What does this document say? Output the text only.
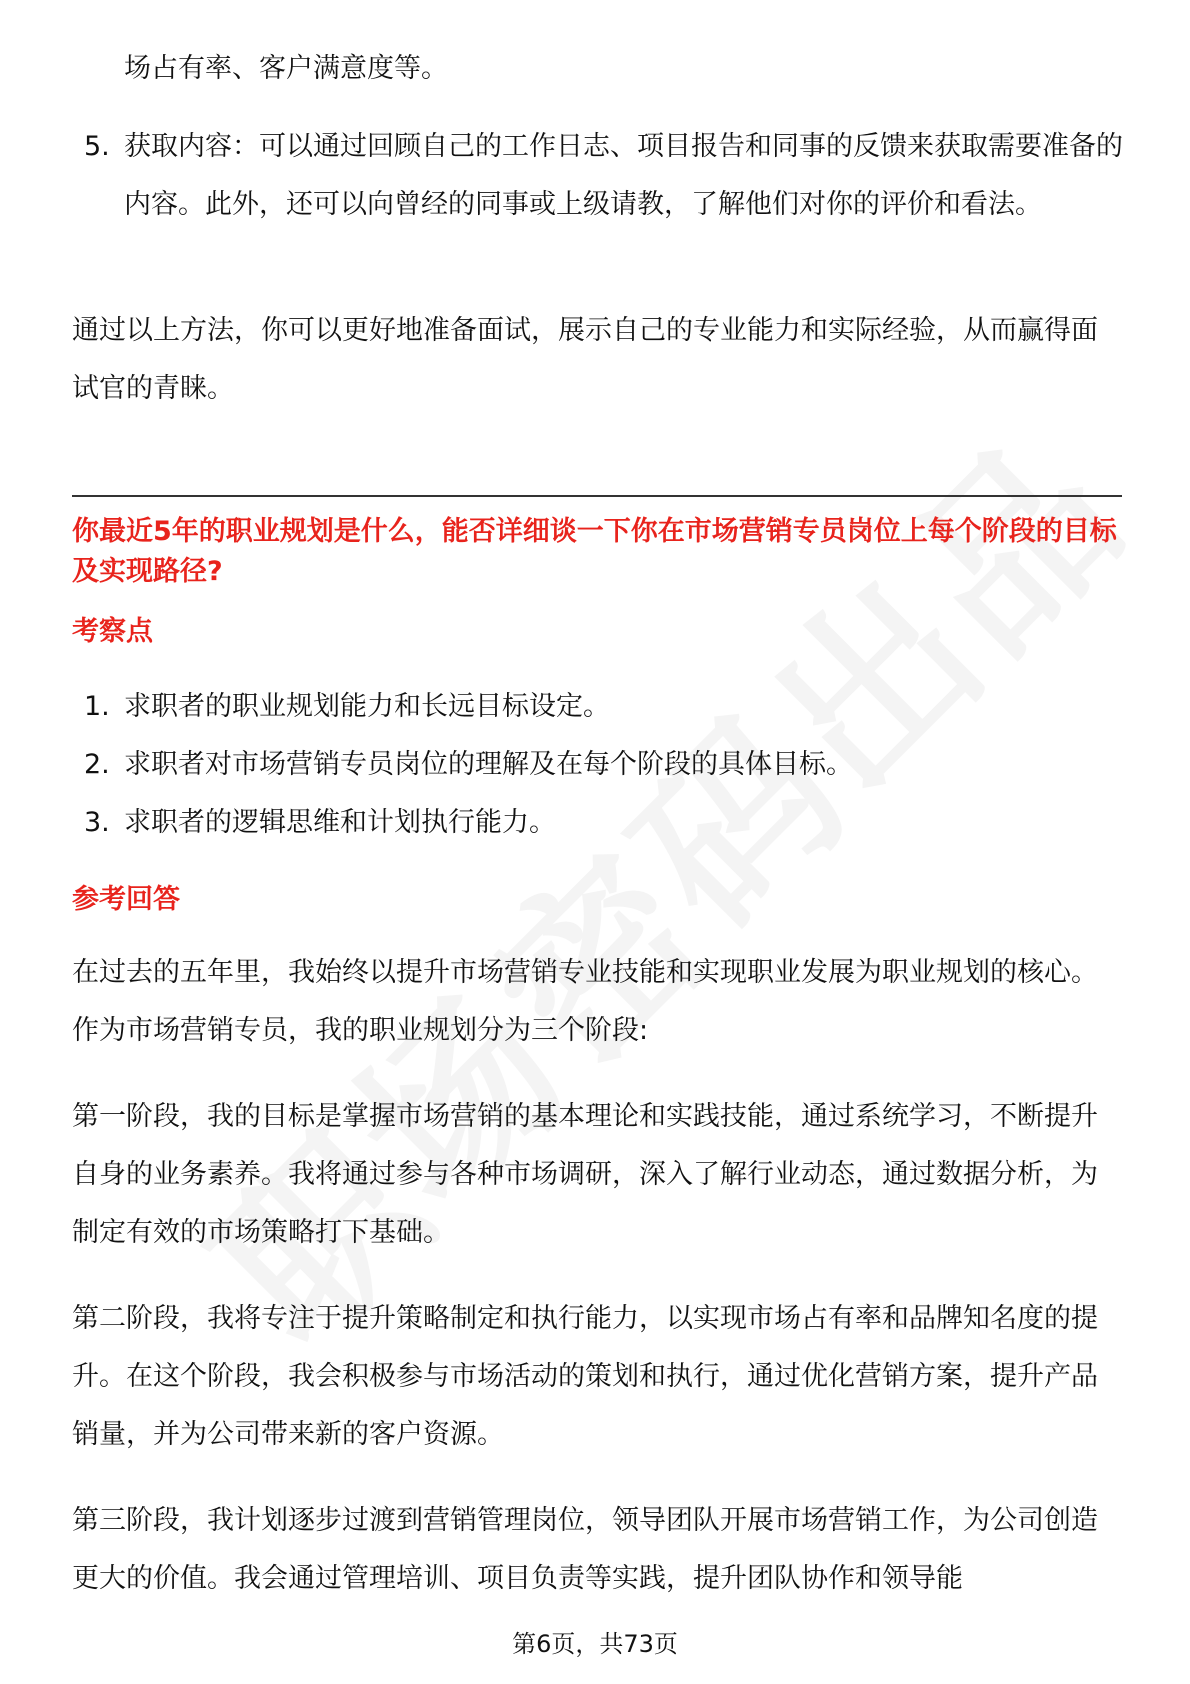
场占有率、客户满意度等。
5. 获取内容：可以通过回顾自己的工作日志、项目报告和同事的反馈来获取需要准备的内容。此外，还可以向曾经的同事或上级请教，了解他们对你的评价和看法。

通过以上方法，你可以更好地准备面试，展示自己的专业能力和实际经验，从而赢得面试官的青睐。

你最近5年的职业规划是什么，能否详细谈一下你在市场营销专员岗位上每个阶段的目标及实现路径?
考察点
1. 求职者的职业规划能力和长远目标设定。
2. 求职者对市场营销专员岗位的理解及在每个阶段的具体目标。
3. 求职者的逻辑思维和计划执行能力。
参考回答

在过去的五年里，我始终以提升市场营销专业技能和实现职业发展为职业规划的核心。作为市场营销专员，我的职业规划分为三个阶段:

第一阶段，我的目标是掌握市场营销的基本理论和实践技能，通过系统学习，不断提升自身的业务素养。我将通过参与各种市场调研，深入了解行业动态，通过数据分析，为制定有效的市场策略打下基础。

第二阶段，我将专注于提升策略制定和执行能力，以实现市场占有率和品牌知名度的提升。在这个阶段，我会积极参与市场活动的策划和执行，通过优化营销方案，提升产品销量，并为公司带来新的客户资源。

第三阶段，我计划逐步过渡到营销管理岗位，领导团队开展市场营销工作，为公司创造更大的价值。我会通过管理培训、项目负责等实践，提升团队协作和领导能

第6页，共73页
